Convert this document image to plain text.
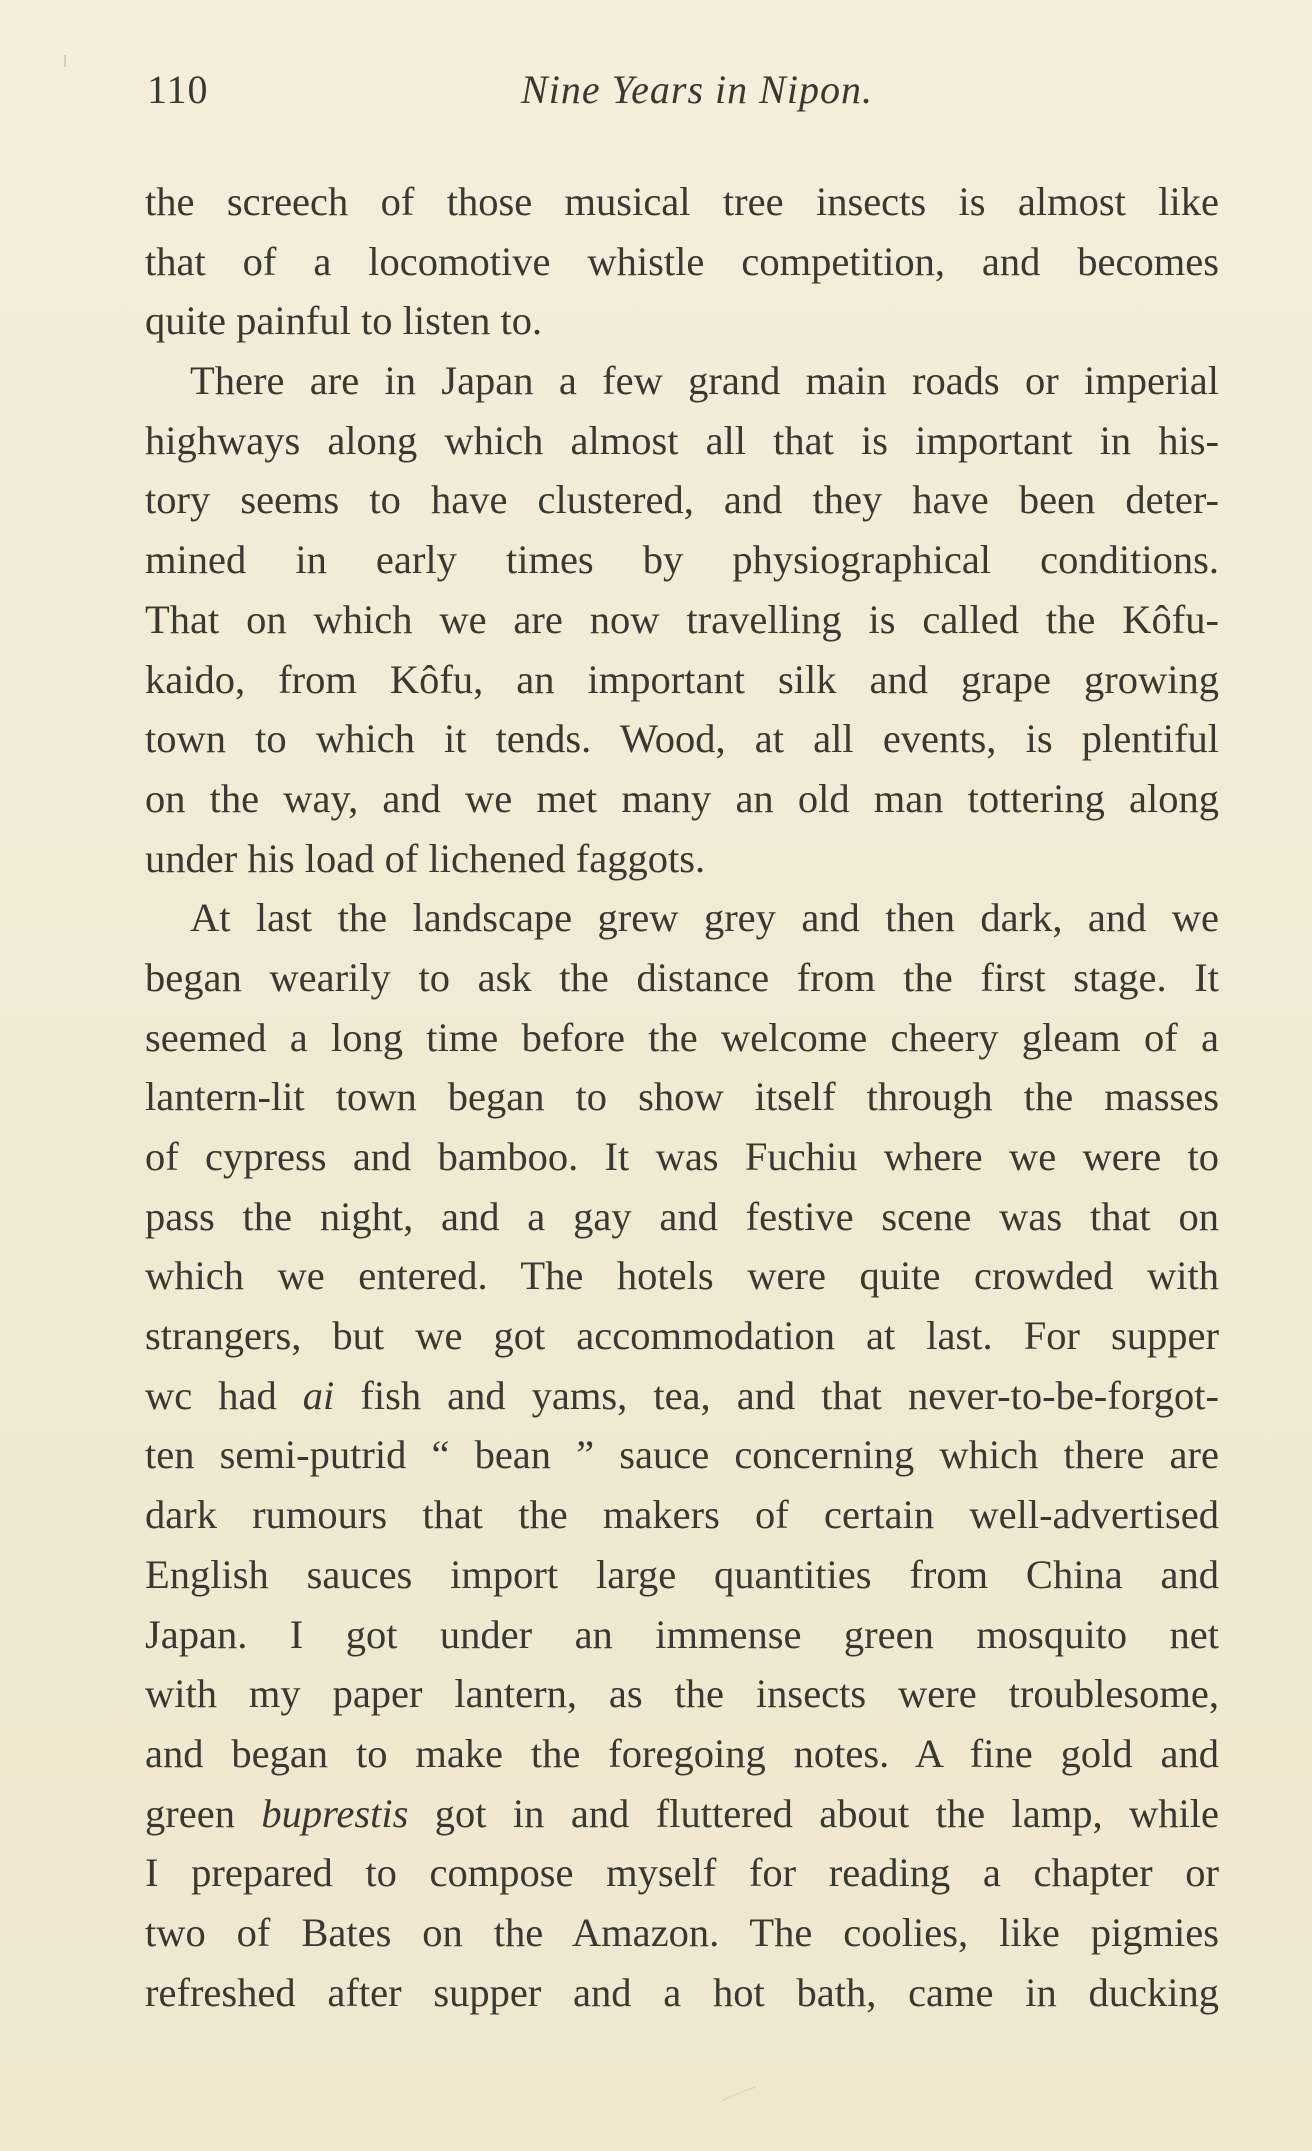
110	Nine Years in Nipon.
the screech of those musical tree insects is almost like
that of a locomotive whistle competition, and becomes
quite painful to listen to.
There are in Japan a few grand main roads or imperial
highways along which almost all that is important in his-
tory seems to have clustered, and they have been deter-
mined in early times by physiographical conditions.
That on which we are now travelling is called the Kôfu-
kaido, from Kôfu, an important silk and grape growing
town to which it tends. Wood, at all events, is plentiful
on the way, and we met many an old man tottering along
under his load of lichened faggots.
At last the landscape grew grey and then dark, and we
began wearily to ask the distance from the first stage. It
seemed a long time before the welcome cheery gleam of a
lantern-lit town began to show itself through the masses
of cypress and bamboo. It was Fuchiu where we were to
pass the night, and a gay and festive scene was that on
which we entered. The hotels were quite crowded with
strangers, but we got accommodation at last. For supper
wc had ai fish and yams, tea, and that never-to-be-forgot-
ten semi-putrid “ bean ” sauce concerning which there are
dark rumours that the makers of certain well-advertised
English sauces import large quantities from China and
Japan. I got under an immense green mosquito net
with my paper lantern, as the insects were troublesome,
and began to make the foregoing notes. A fine gold and
green buprestis got in and fluttered about the lamp, while
I prepared to compose myself for reading a chapter or
two of Bates on the Amazon. The coolies, like pigmies
refreshed after supper and a hot bath, came in ducking
